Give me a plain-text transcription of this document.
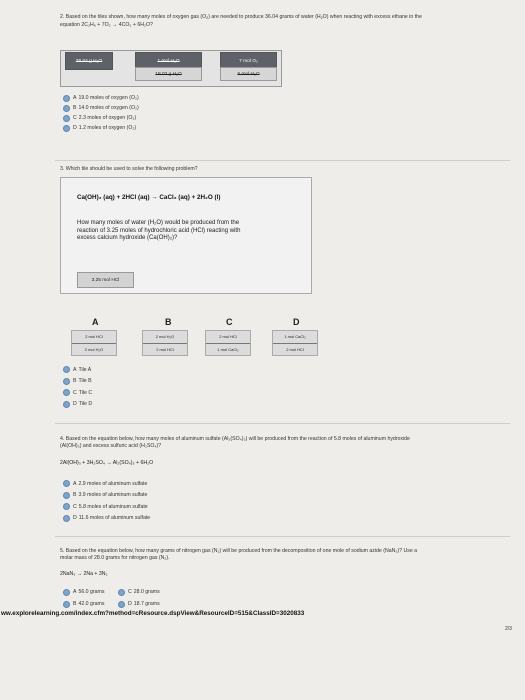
2. Based on the tiles shown, how many moles of oxygen gas (O2) are needed to produce 36.04 grams of water (H2O) when reacting with excess ethane in the
equation 2C₂H₆ + 7O₂ → 4CO₂ + 6H₂O?
36.04 g H₂O	1 mol H₂O
18.02 g H₂O
7 mol O₂
6 mol H₂O
A 19.0 moles of oxygen (O₂)
B 14.0 moles of oxygen (O₂)
C 2.3 moles of oxygen (O₂)
D 1.2 moles of oxygen (O₂)
3. Which tile should be used to solve the following problem?
Ca(OH)₂ (aq) + 2HCl (aq) → CaCl₂ (aq) + 2H₂O (l)
How many moles of water (H₂O) would be produced from the reaction of 3.25 moles of hydrochloric acid (HCl) reacting with excess calcium hydroxide (Ca(OH)₂)?
3.25 mol HCl
A
2 mol HCl
2 mol H₂O
B
2 mol H₂O
2 mol HCl
C
2 mol HCl
1 mol CaCl₂
D
1 mol CaCl₂
2 mol HCl
A Tile A
B Tile B
C Tile C
D Tile D
4. Based on the equation below, how many moles of aluminum sulfate (Al₂(SO₄)₃) will be produced from the reaction of 5.8 moles of aluminum hydroxide
(Al(OH)₃) and excess sulfuric acid (H₂SO₄)?
2Al(OH)₃ + 3H₂SO₄ → Al₂(SO₄)₃ + 6H₂O
A 2.9 moles of aluminum sulfate
B 3.9 moles of aluminum sulfate
C 5.8 moles of aluminum sulfate
D 11.6 moles of aluminum sulfate
5. Based on the equation below, how many grams of nitrogen gas (N₂) will be produced from the decomposition of one mole of sodium azide (NaN₃)? Use a
molar mass of 28.0 grams for nitrogen gas (N₂).
2NaN₃ → 2Na + 3N₂
A 56.0 grams
B 42.0 grams
C 28.0 grams
D 18.7 grams
ww.explorelearning.com/index.cfm?method=cResource.dspView&ResourceID=515&ClassID=3020833
2/3
